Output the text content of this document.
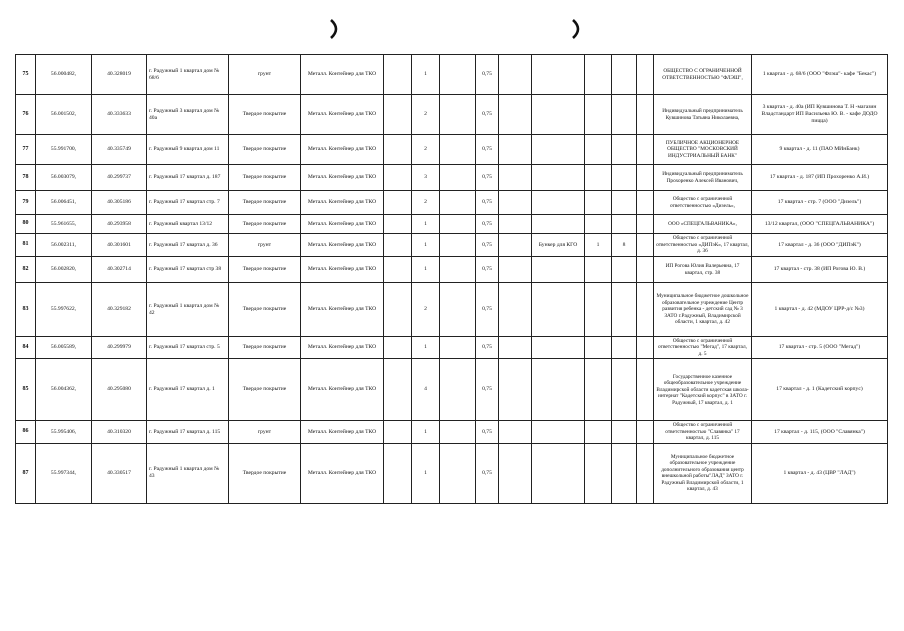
75	56.000482,	40.328019	г. Радужный 1 квартал дом № 68/6	грунт	Металл. Контейнер для ТКО		1		0,75						ОБЩЕСТВО С ОГРАНИЧЕННОЙ ОТВЕТСТВЕННОСТЬЮ "ФЛЭШ",	1 квартал - д. 68/6 (ООО "Флэш"- кафе "Бекас")
76	56.001502,	40.333633	г. Радужный 3 квартал дом № 40а	Твердое покрытие	Металл. Контейнер для ТКО		2		0,75						Индивидуальный предприниматель Кувшинова Татьяна Николаевна,	3 квартал - д. 40а (ИП Кувшинова Т. Н -магазин Владстандарт ИП Васильева Ю. В. - кафе ДОДО пицца)
77	55.991700,	40.335749	г. Радужный 9 квартал дом 11	Твердое покрытие	Металл. Контейнер для ТКО		2		0,75						ПУБЛИЧНОЕ АКЦИОНЕРНОЕ ОБЩЕСТВО "МОСКОВСКИЙ ИНДУСТРИАЛЬНЫЙ БАНК"	9 квартал - д. 11 (ПАО МИнБанк)
78	56.003079,	40.299737	г. Радужный 17 квартал д. 187	Твердое покрытие	Металл. Контейнер для ТКО		3		0,75						Индивидуальный предприниматель Прохоренко Алексей Иванович,	17 квартал - д. 187 (ИП Прохоренко А.И.)
79	56.006451,	40.305186	г. Радужный 17 квартал стр. 7	Твердое покрытие	Металл. Контейнер для ТКО		2		0,75						Общество с ограниченной ответственностью «Дизель»,	17 квартал - стр. 7 (ООО "Дизель")
80	55.961655,	40.293958	г. Радужный квартал 13/12	Твердое покрытие	Металл. Контейнер для ТКО		1		0,75						ООО «СПЕЦГАЛЬВАНИКА»,	13/12 квартал, (ООО "СПЕЦГАЛЬВАНИКА")
81	56.002311,	40.301601	г. Радужный 17 квартал д. 36	грунт	Металл. Контейнер для ТКО		1		0,75		Бункер для КГО	1	8		Общество с ограниченной ответственностью «ДИПэК», 17 квартал, д. 36	17 квартал - д. 36 (ООО "ДИПэК")
82	56.002820,	40.302714	г. Радужный 17 квартал стр 38	Твердое покрытие	Металл. Контейнер для ТКО		1		0,75						ИП Рогова Юлия Валерьевна, 17 квартал, стр. 38	17 квартал - стр. 38 (ИП Рогова Ю. В.)
83	55.997622,	40.329182	г. Радужный 1 квартал дом № 42	Твердое покрытие	Металл. Контейнер для ТКО		2		0,75						Муниципальное бюджетное дошкольное образовательное учреждение Центр развития ребенка - детский сад № 3 ЗАТО г.Радужный, Владимирской области, 1 квартал, д. 42	1 квартал - д. 42 (МДОУ ЦРР-д/с №3)
84	56.005589,	40.299979	г. Радужный 17 квартал стр. 5	Твердое покрытие	Металл. Контейнер для ТКО		1		0,75						Общество с ограниченной ответственностью "Мегад", 17 квартал, д. 5	17 квартал - стр. 5 (ООО "Мегад")
85	56.004362,	40.295080	г. Радужный 17 квартал д. 1	Твердое покрытие	Металл. Контейнер для ТКО		4		0,75						Государственное казенное общеобразовательное учреждение Владимирской области кадетская школа-интернат "Кадетский корпус" в ЗАТО г. Радужный, 17 квартал, д. 1	17 квартал - д. 1 (Кадетский корпус)
86	55.995406,	40.310320	г. Радужный 17 квартал д. 115	грунт	Металл. Контейнер для ТКО		1		0,75						Общество с ограниченной ответственностью "Славянка" 17 квартал, д. 115	17 квартал - д. 115, (ООО "Славянка")
87	55.997344,	40.330517	г. Радужный 1 квартал дом № 43	Твердое покрытие	Металл. Контейнер для ТКО		1		0,75						Муниципальное бюджетное образовательное учреждение дополнительного образования центр внешкольной работы"ЛАД" ЗАТО г. Радужный Владимирской области, 1 квартал, д. 43	1 квартал - д. 43 (ЦВР "ЛАД")
